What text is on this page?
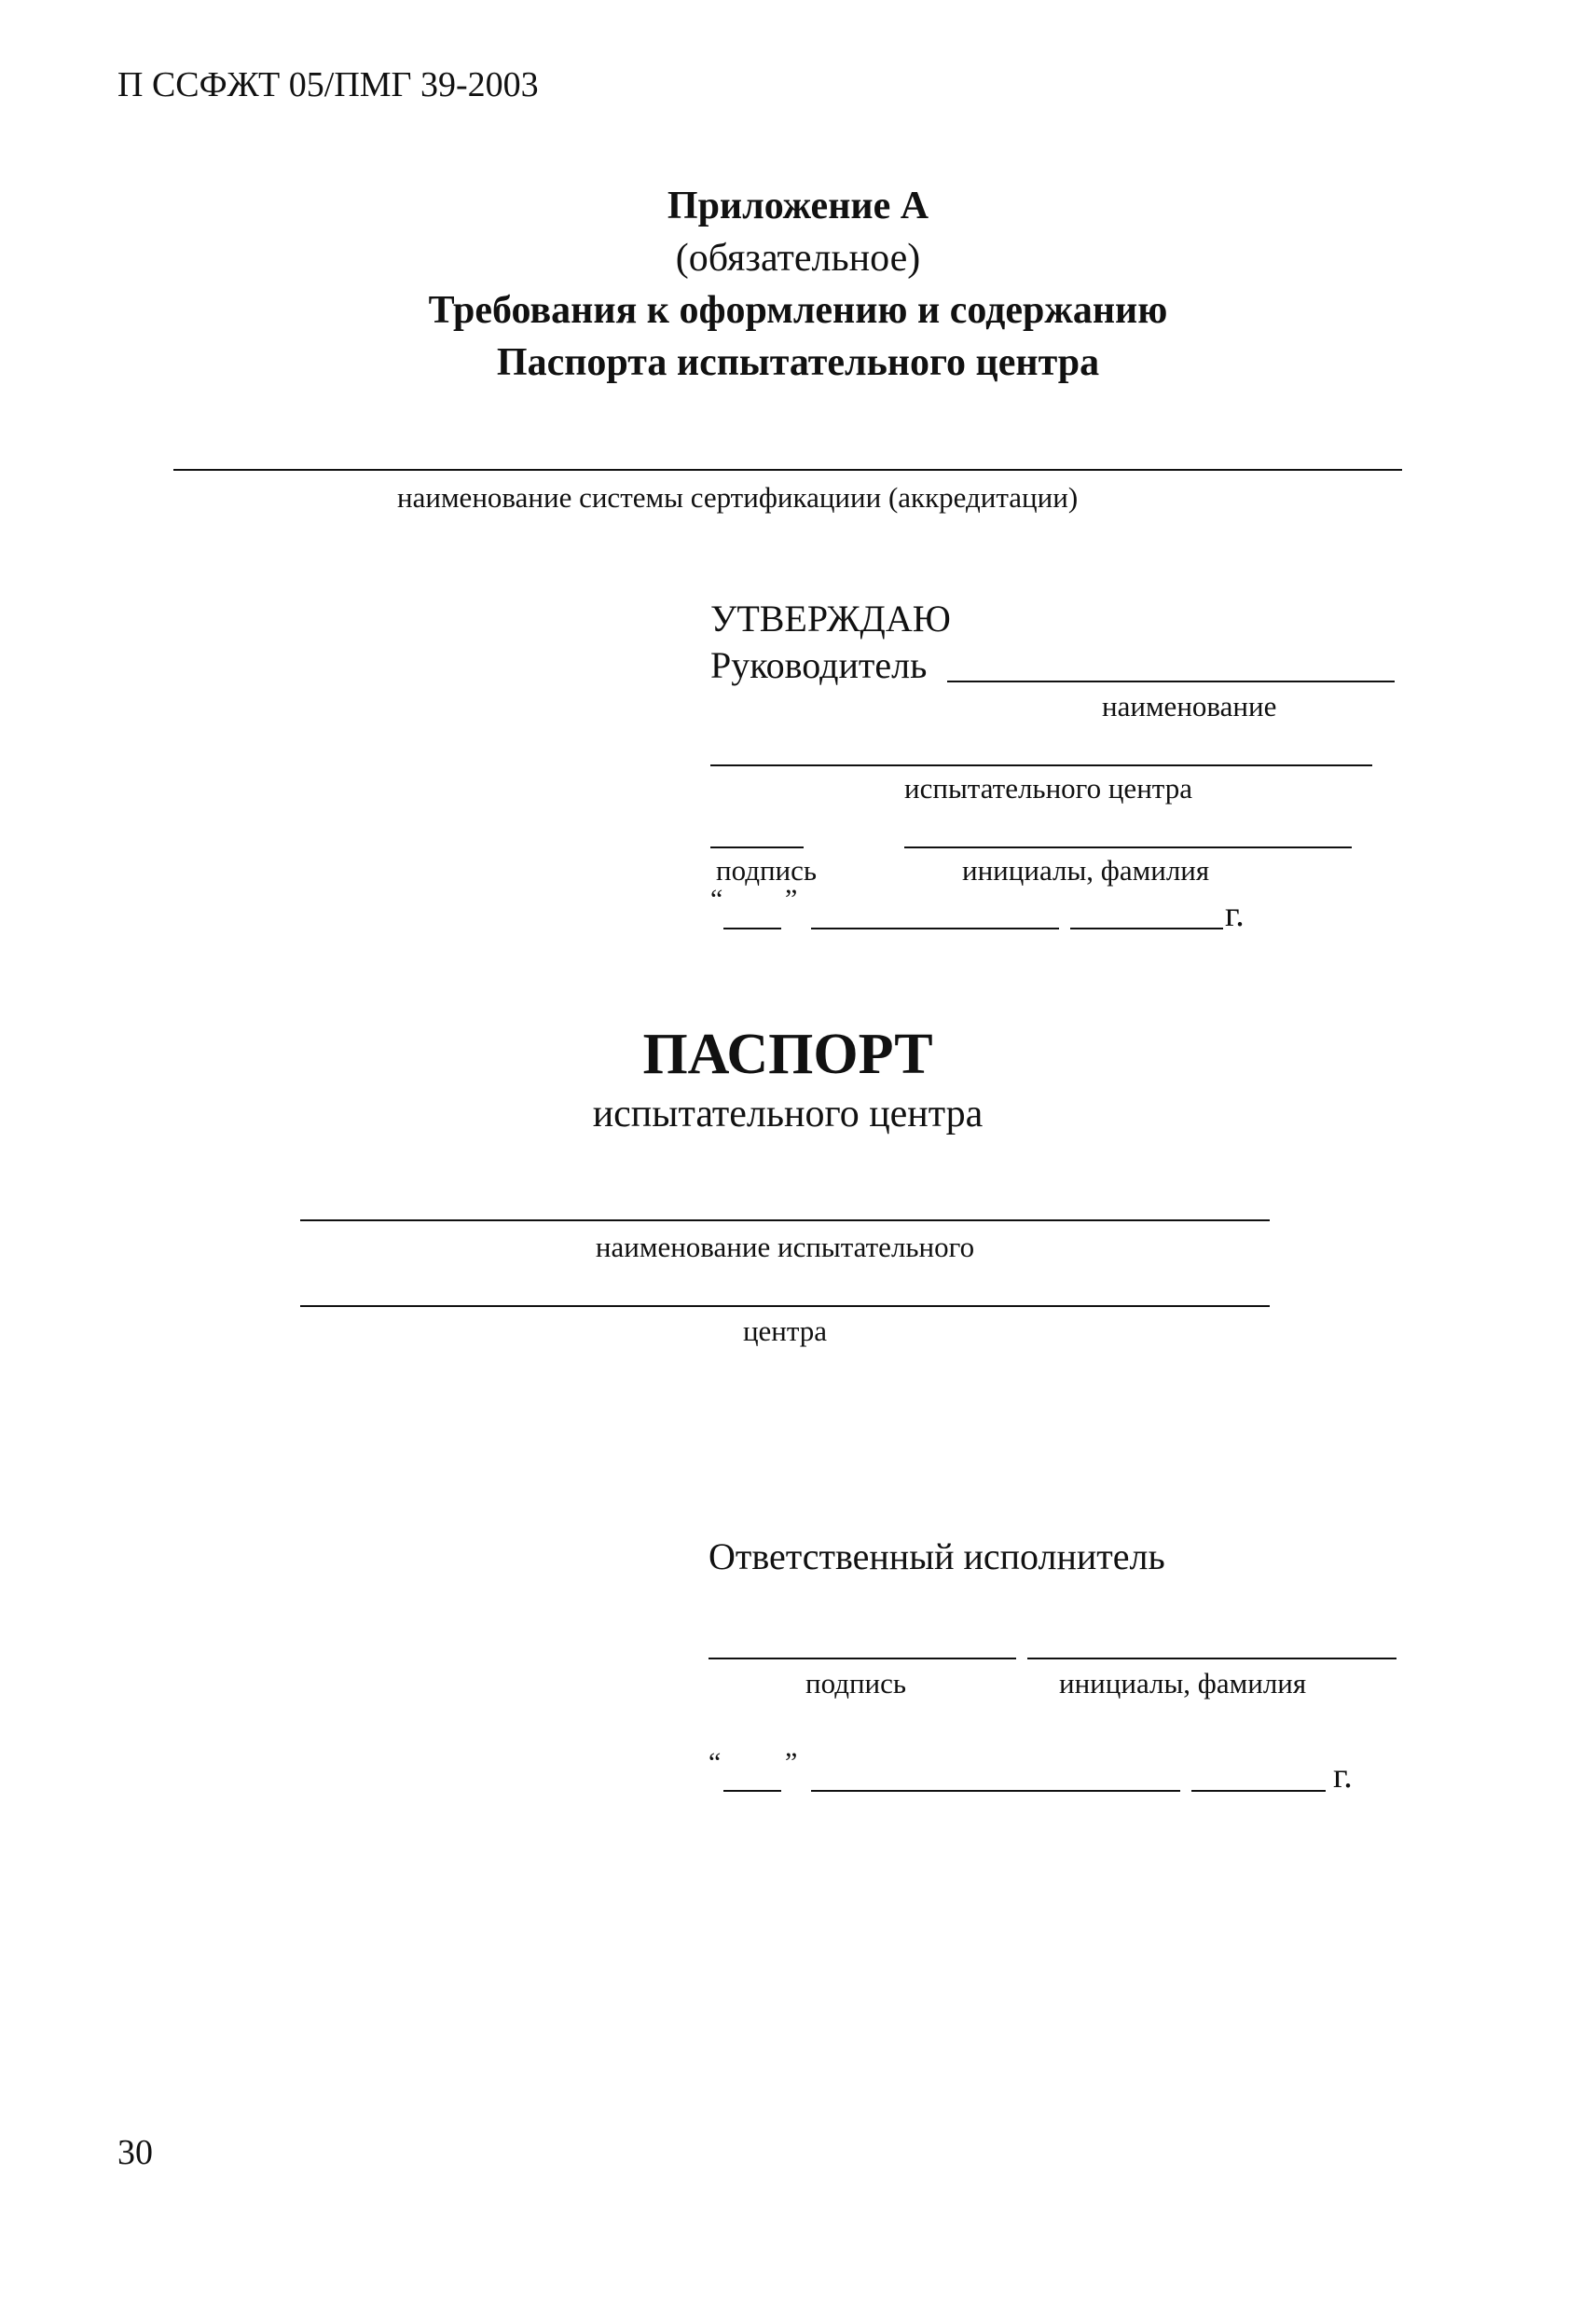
П ССФЖТ 05/ПМГ 39-2003
Приложение А
(обязательное)
Требования к оформлению и содержанию
Паспорта испытательного центра
наименование системы сертификациии (аккредитации)
УТВЕРЖДАЮ
Руководитель
наименование
испытательного центра
подпись	инициалы, фамилия
“ ”	г.
ПАСПОРТ
испытательного центра
наименование испытательного
центра
Ответственный исполнитель
подпись	инициалы, фамилия
“ ”	г.
30
